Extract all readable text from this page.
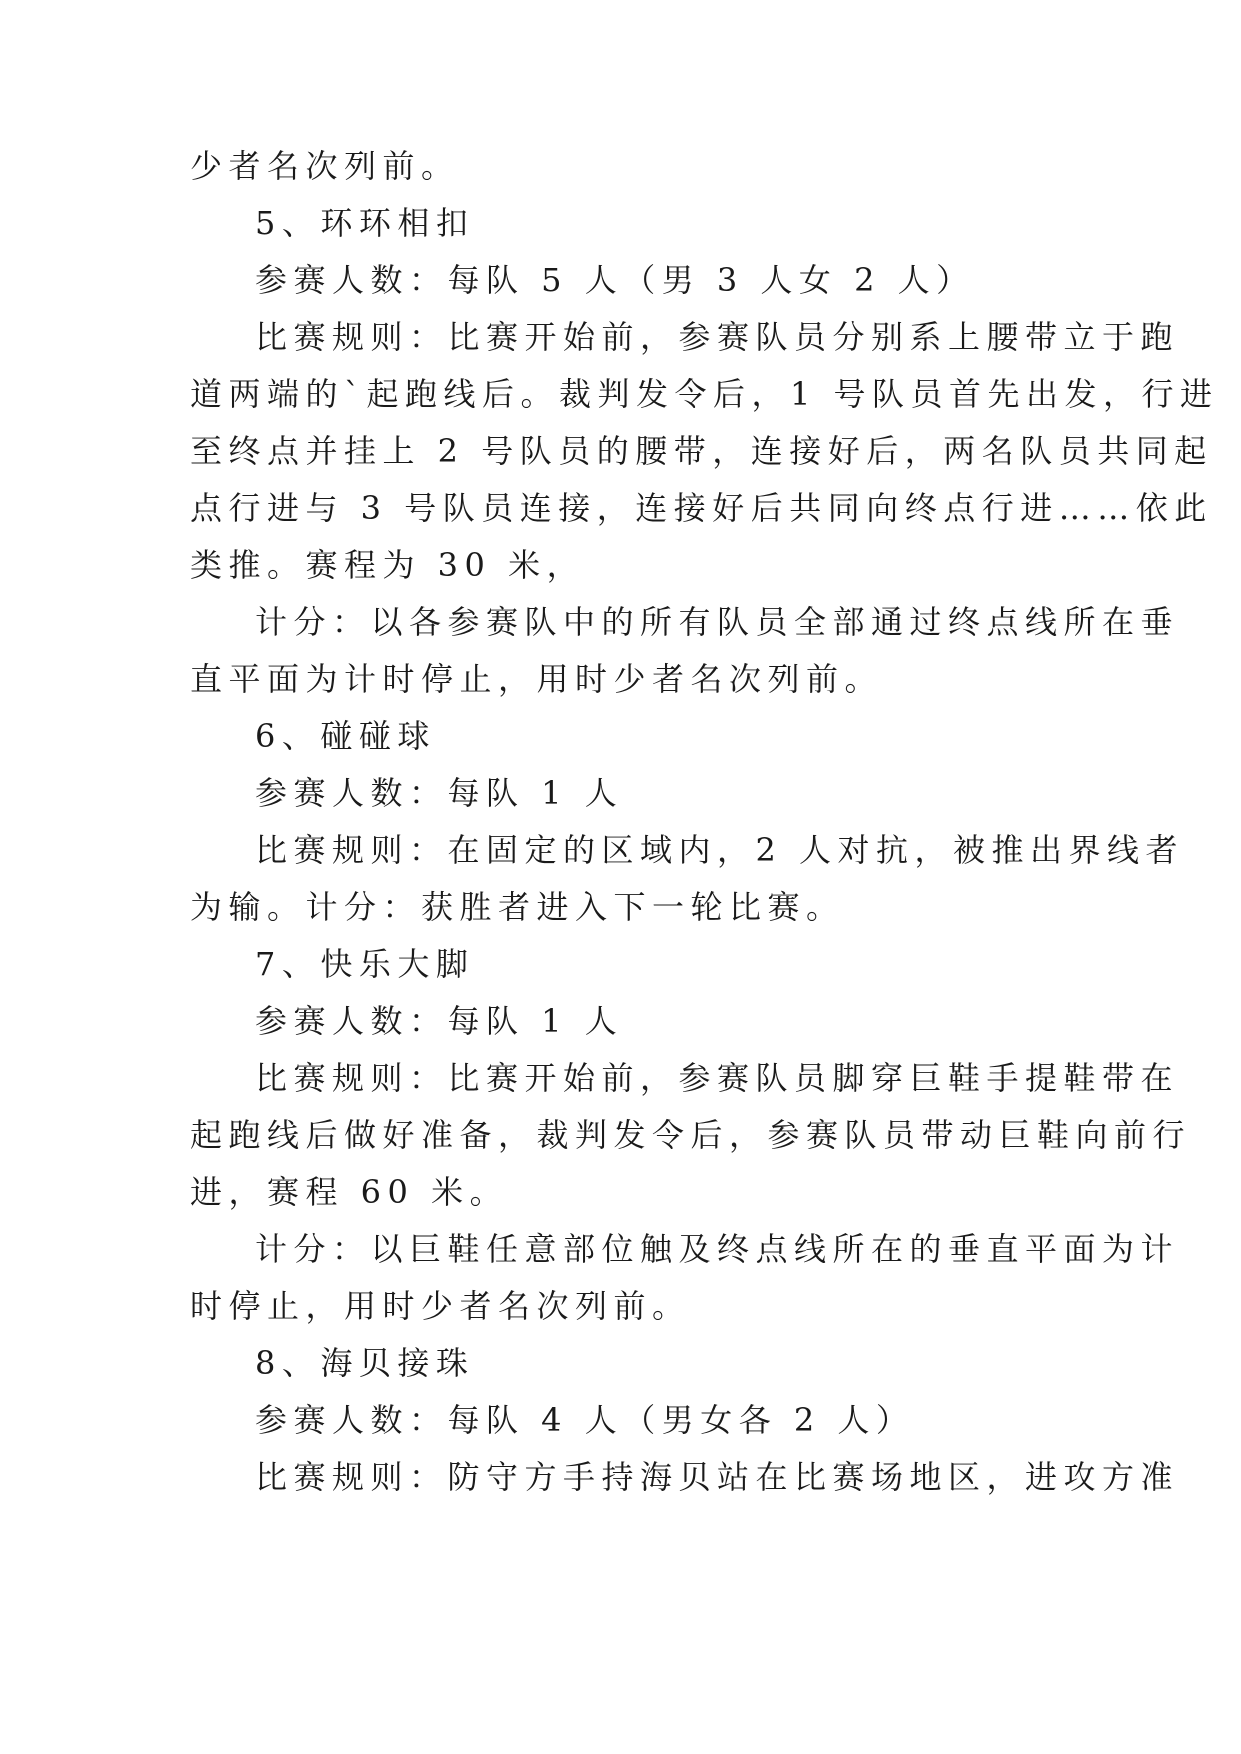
少者名次列前。
5、环环相扣
参赛人数：每队 5 人（男 3 人女 2 人）
比赛规则：比赛开始前，参赛队员分别系上腰带立于跑
道两端的`起跑线后。裁判发令后，1 号队员首先出发，行进
至终点并挂上 2 号队员的腰带，连接好后，两名队员共同起
点行进与 3 号队员连接，连接好后共同向终点行进……依此
类推。赛程为 30 米，
计分：以各参赛队中的所有队员全部通过终点线所在垂
直平面为计时停止，用时少者名次列前。
6、碰碰球
参赛人数：每队 1 人
比赛规则：在固定的区域内，2 人对抗，被推出界线者
为输。计分：获胜者进入下一轮比赛。
7、快乐大脚
参赛人数：每队 1 人
比赛规则：比赛开始前，参赛队员脚穿巨鞋手提鞋带在
起跑线后做好准备，裁判发令后，参赛队员带动巨鞋向前行
进，赛程 60 米。
计分：以巨鞋任意部位触及终点线所在的垂直平面为计
时停止，用时少者名次列前。
8、海贝接珠
参赛人数：每队 4 人（男女各 2 人）
比赛规则：防守方手持海贝站在比赛场地区，进攻方准
